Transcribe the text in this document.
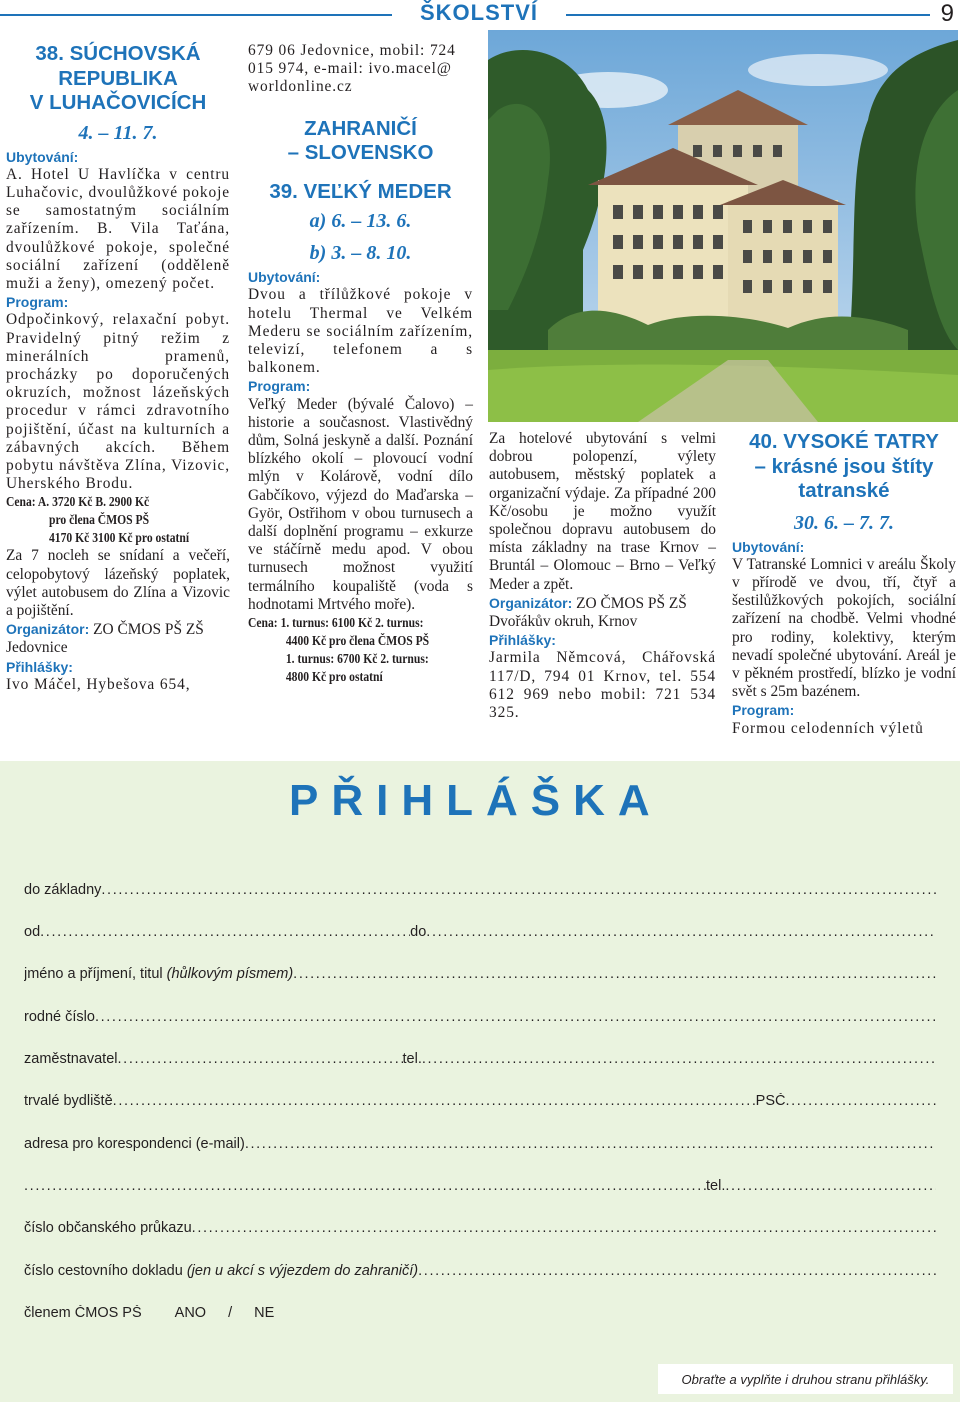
ŠKOLSTVÍ	9
38. SÚCHOVSKÁ
REPUBLIKA
V LUHAČOVICÍCH
4. – 11. 7.

Ubytování:

A. Hotel U Havlíčka v centru Luhačovic, dvoulůžkové pokoje se samostatným sociálním zařízením. B. Vila Taťána, dvoulůžkové pokoje, společné sociální zařízení (odděleně muži a ženy), omezený počet.

Program:

Odpočinkový, relaxační pobyt. Pravidelný pitný režim z minerálních pramenů, procházky po doporučených okruzích, možnost lázeňských procedur v rámci zdravotního pojištění, účast na kulturních a zábavných akcích. Během pobytu návštěva Zlína, Vizovic, Uherského Brodu.

Cena: A. 3720 Kč B. 2900 Kč
pro člena ČMOS PŠ
4170 Kč 3100 Kč pro ostatní

Za 7 nocleh se snídaní a večeří, celopobytový lázeňský poplatek, výlet autobusem do Zlína a Vizovic a pojištění.

Organizátor: ZO ČMOS PŠ ZŠ Jedovnice

Přihlášky:

Ivo Máčel, Hybešova 654,

679 06 Jedovnice, mobil: 724 015 974, e-mail: ivo.macel@ worldonline.cz

ZAHRANIČÍ
– SLOVENSKO
39. VEĽKÝ MEDER
a) 6. – 13. 6.
b) 3. – 8. 10.

Ubytování:

Dvou a třílůžkové pokoje v hotelu Thermal ve Velkém Mederu se sociálním zařízením, televizí, telefonem a s balkonem.

Program:

Veľký Meder (bývalé Čalovo) – historie a současnost. Vlastivědný dům, Solná jeskyně a další. Poznání blízkého okolí – plovoucí vodní mlýn v Kolárově, vodní dílo Gabčíkovo, výjezd do Maďarska – Györ, Ostřihom v obou turnusech a další doplnění programu – exkurze ve stáčírně medu apod. V obou turnusech možnost využití termálního koupaliště (voda s hodnotami Mrtvého moře).

Cena: 1. turnus: 6100 Kč 2. turnus:
4400 Kč pro člena ČMOS PŠ
1. turnus: 6700 Kč 2. turnus:
4800 Kč pro ostatní

Za hotelové ubytování s velmi dobrou polopenzí, výlety autobusem, městský poplatek a organizační výdaje. Za případné 200 Kč/osobu je možno využít společnou dopravu autobusem do místa základny na trase Krnov – Bruntál – Olomouc – Brno – Veľký Meder a zpět.

Organizátor: ZO ČMOS PŠ ZŠ Dvořákův okruh, Krnov

Přihlášky:

Jarmila Němcová, Chářovská 117/D, 794 01 Krnov, tel. 554 612 969 nebo mobil: 721 534 325.

40. VYSOKÉ TATRY
– krásné jsou štíty
tatranské
30. 6. – 7. 7.

Ubytování:

V Tatranské Lomnici v areálu Školy v přírodě ve dvou, tří, čtyř a šestilůžkových pokojích, sociální zařízení na chodbě. Velmi vhodné pro rodiny, kolektivy, kterým nevadí společné ubytování. Areál je v pěkném prostředí, blízko je vodní svět s 25m bazénem.

Program:

Formou celodenních výletů

PŘIHLÁŠKA
do základny
. . .
od . . .	do
. . .
jméno a příjmení, titul
(hůlkovým písmem)
. . .
rodné číslo
. . .
zaměstnavatel . . .	tel.
. . .
trvalé bydliště . . .	PSČ
. . .
adresa pro korespondenci (e-mail)
. . .
. . .
tel.
. . .
číslo občanského průkazu
. . .
číslo cestovního dokladu
(jen u akcí s výjezdem do zahraničí)
. . .
členem ČMOS PŠ ANO / NE
Obraťte a vyplňte i druhou stranu přihlášky.
